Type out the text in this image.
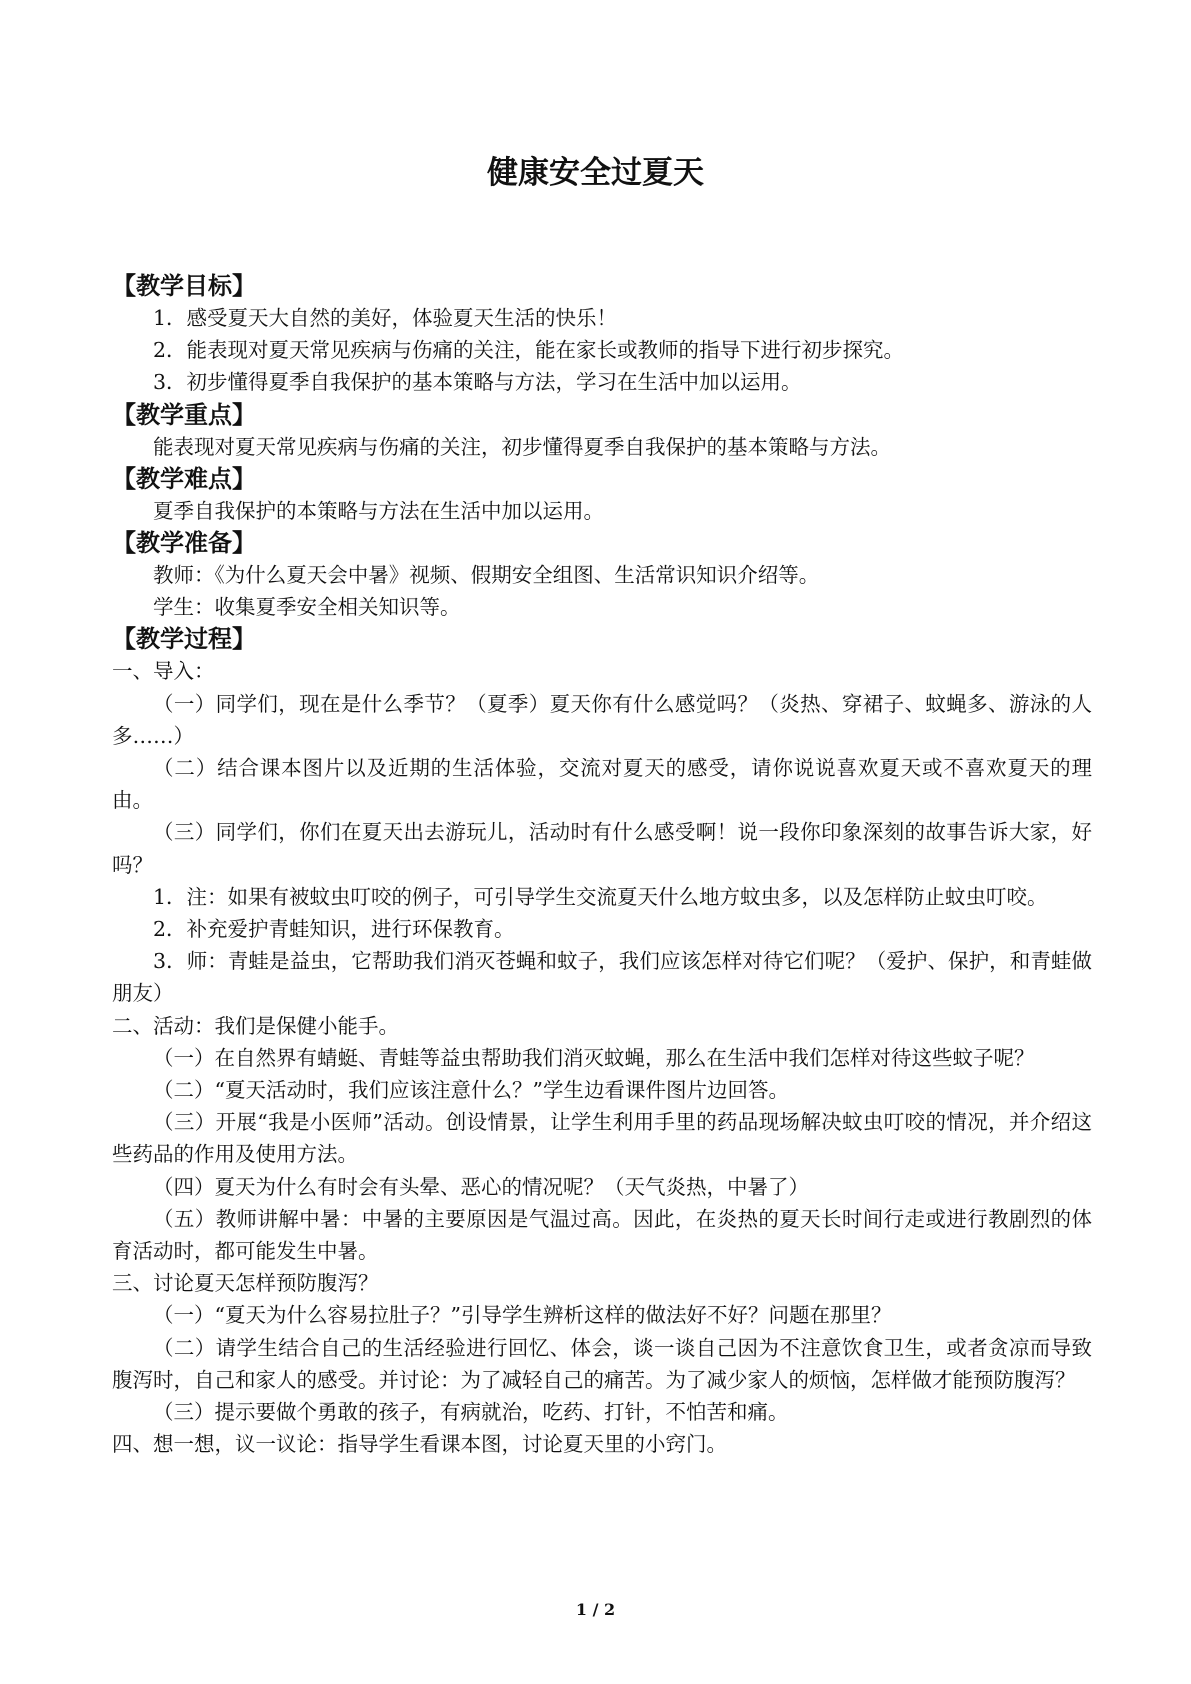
健康安全过夏天
【教学目标】

1．感受夏天大自然的美好，体验夏天生活的快乐！

2．能表现对夏天常见疾病与伤痛的关注，能在家长或教师的指导下进行初步探究。

3．初步懂得夏季自我保护的基本策略与方法，学习在生活中加以运用。

【教学重点】

能表现对夏天常见疾病与伤痛的关注，初步懂得夏季自我保护的基本策略与方法。

【教学难点】

夏季自我保护的本策略与方法在生活中加以运用。

【教学准备】

教师：《为什么夏天会中暑》视频、假期安全组图、生活常识知识介绍等。

学生：收集夏季安全相关知识等。

【教学过程】

一、导入：

（一）同学们，现在是什么季节？（夏季）夏天你有什么感觉吗？（炎热、穿裙子、蚊蝇多、游泳的人多……）

（二）结合课本图片以及近期的生活体验，交流对夏天的感受，请你说说喜欢夏天或不喜欢夏天的理由。

（三）同学们，你们在夏天出去游玩儿，活动时有什么感受啊！说一段你印象深刻的故事告诉大家，好吗？

1．注：如果有被蚊虫叮咬的例子，可引导学生交流夏天什么地方蚊虫多，以及怎样防止蚊虫叮咬。

2．补充爱护青蛙知识，进行环保教育。

3．师：青蛙是益虫，它帮助我们消灭苍蝇和蚊子，我们应该怎样对待它们呢？（爱护、保护，和青蛙做朋友）

二、活动：我们是保健小能手。

（一）在自然界有蜻蜓、青蛙等益虫帮助我们消灭蚊蝇，那么在生活中我们怎样对待这些蚊子呢？

（二）“夏天活动时，我们应该注意什么？”学生边看课件图片边回答。

（三）开展“我是小医师”活动。创设情景，让学生利用手里的药品现场解决蚊虫叮咬的情况，并介绍这些药品的作用及使用方法。

（四）夏天为什么有时会有头晕、恶心的情况呢？（天气炎热，中暑了）

（五）教师讲解中暑：中暑的主要原因是气温过高。因此，在炎热的夏天长时间行走或进行教剧烈的体育活动时，都可能发生中暑。

三、讨论夏天怎样预防腹泻？

（一）“夏天为什么容易拉肚子？”引导学生辨析这样的做法好不好？问题在那里？

（二）请学生结合自己的生活经验进行回忆、体会，谈一谈自己因为不注意饮食卫生，或者贪凉而导致腹泻时，自己和家人的感受。并讨论：为了减轻自己的痛苦。为了减少家人的烦恼，怎样做才能预防腹泻？

（三）提示要做个勇敢的孩子，有病就治，吃药、打针，不怕苦和痛。

四、想一想，议一议论：指导学生看课本图，讨论夏天里的小窍门。

1 / 2
